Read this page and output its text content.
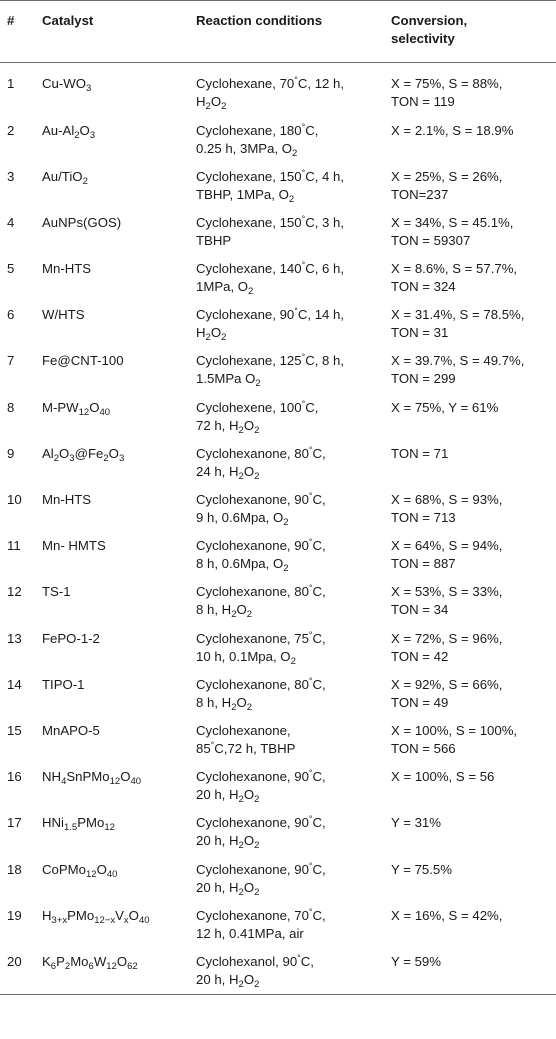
#	Catalyst	Reaction conditions	Conversion,
selectivity

1	$Cu-WO_3$	Cyclohexane, 70°C, 12 h,
$H_2O_2$	X = 75%, S = 88%,
TON = 119

2	$Au-Al_2O_3$	Cyclohexane, 180°C,
0.25 h, 3MPa, $O_2$	X = 2.1%, S = 18.9%

3	Au/TiO$_2$	Cyclohexane, 150°C, 4 h,
TBHP, 1MPa, $O_2$	X = 25%, S = 26%,
TON=237

4	AuNPs(GOS)	Cyclohexane, 150°C, 3 h,
TBHP	X = 34%, S = 45.1%,
TON = 59307

5	Mn-HTS	Cyclohexane, 140°C, 6 h,
1MPa, $O_2$	X = 8.6%, S = 57.7%,
TON = 324

6	W/HTS	Cyclohexane, 90°C, 14 h,
$H_2O_2$	X = 31.4%, S = 78.5%,
TON = 31

7	Fe@CNT-100	Cyclohexane, 125°C, 8 h,
1.5MPa $O_2$	X = 39.7%, S = 49.7%,
TON = 299

8	$M-PW_{12}O_{40}$	Cyclohexene, 100°C,
72 h, $H_2O_2$	X = 75%, Y = 61%

9	$Al_2O_3@Fe_2O_3$	Cyclohexanone, 80°C,
24 h, $H_2O_2$	TON = 71

10	Mn-HTS	Cyclohexanone, 90°C,
9 h, 0.6Mpa, $O_2$	X = 68%, S = 93%,
TON = 713

11	Mn- HMTS	Cyclohexanone, 90°C,
8 h, 0.6Mpa, $O_2$	X = 64%, S = 94%,
TON = 887

12	TS-1	Cyclohexanone, 80°C,
8 h, $H_2O_2$	X = 53%, S = 33%,
TON = 34

13	FePO-1-2	Cyclohexanone, 75°C,
10 h, 0.1Mpa, $O_2$	X = 72%, S = 96%,
TON = 42

14	TIPO-1	Cyclohexanone, 80°C,
8 h, $H_2O_2$	X = 92%, S = 66%,
TON = 49

15	MnAPO-5	Cyclohexanone,
85°C,72 h, TBHP	X = 100%, S = 100%,
TON = 566

16	$NH_4SnPMo_{12}O_{40}$	Cyclohexanone, 90°C,
20 h, $H_2O_2$	X = 100%, S = 56

17	HNi$_{1.5}$PMo$_{12}$	Cyclohexanone, 90°C,
20 h, $H_2O_2$	Y = 31%

18	$CoPMo_{12}O_{40}$	Cyclohexanone, 90°C,
20 h, $H_2O_2$	Y = 75.5%

19	$H_{3+x}PMo_{12-x}V_xO_{40}$	Cyclohexanone, 70°C,
12 h, 0.41MPa, air	X = 16%, S = 42%,

20	$K_6P_2Mo_6W_{12}O_{62}$	Cyclohexanol, 90°C,
20 h, $H_2O_2$	Y = 59%
